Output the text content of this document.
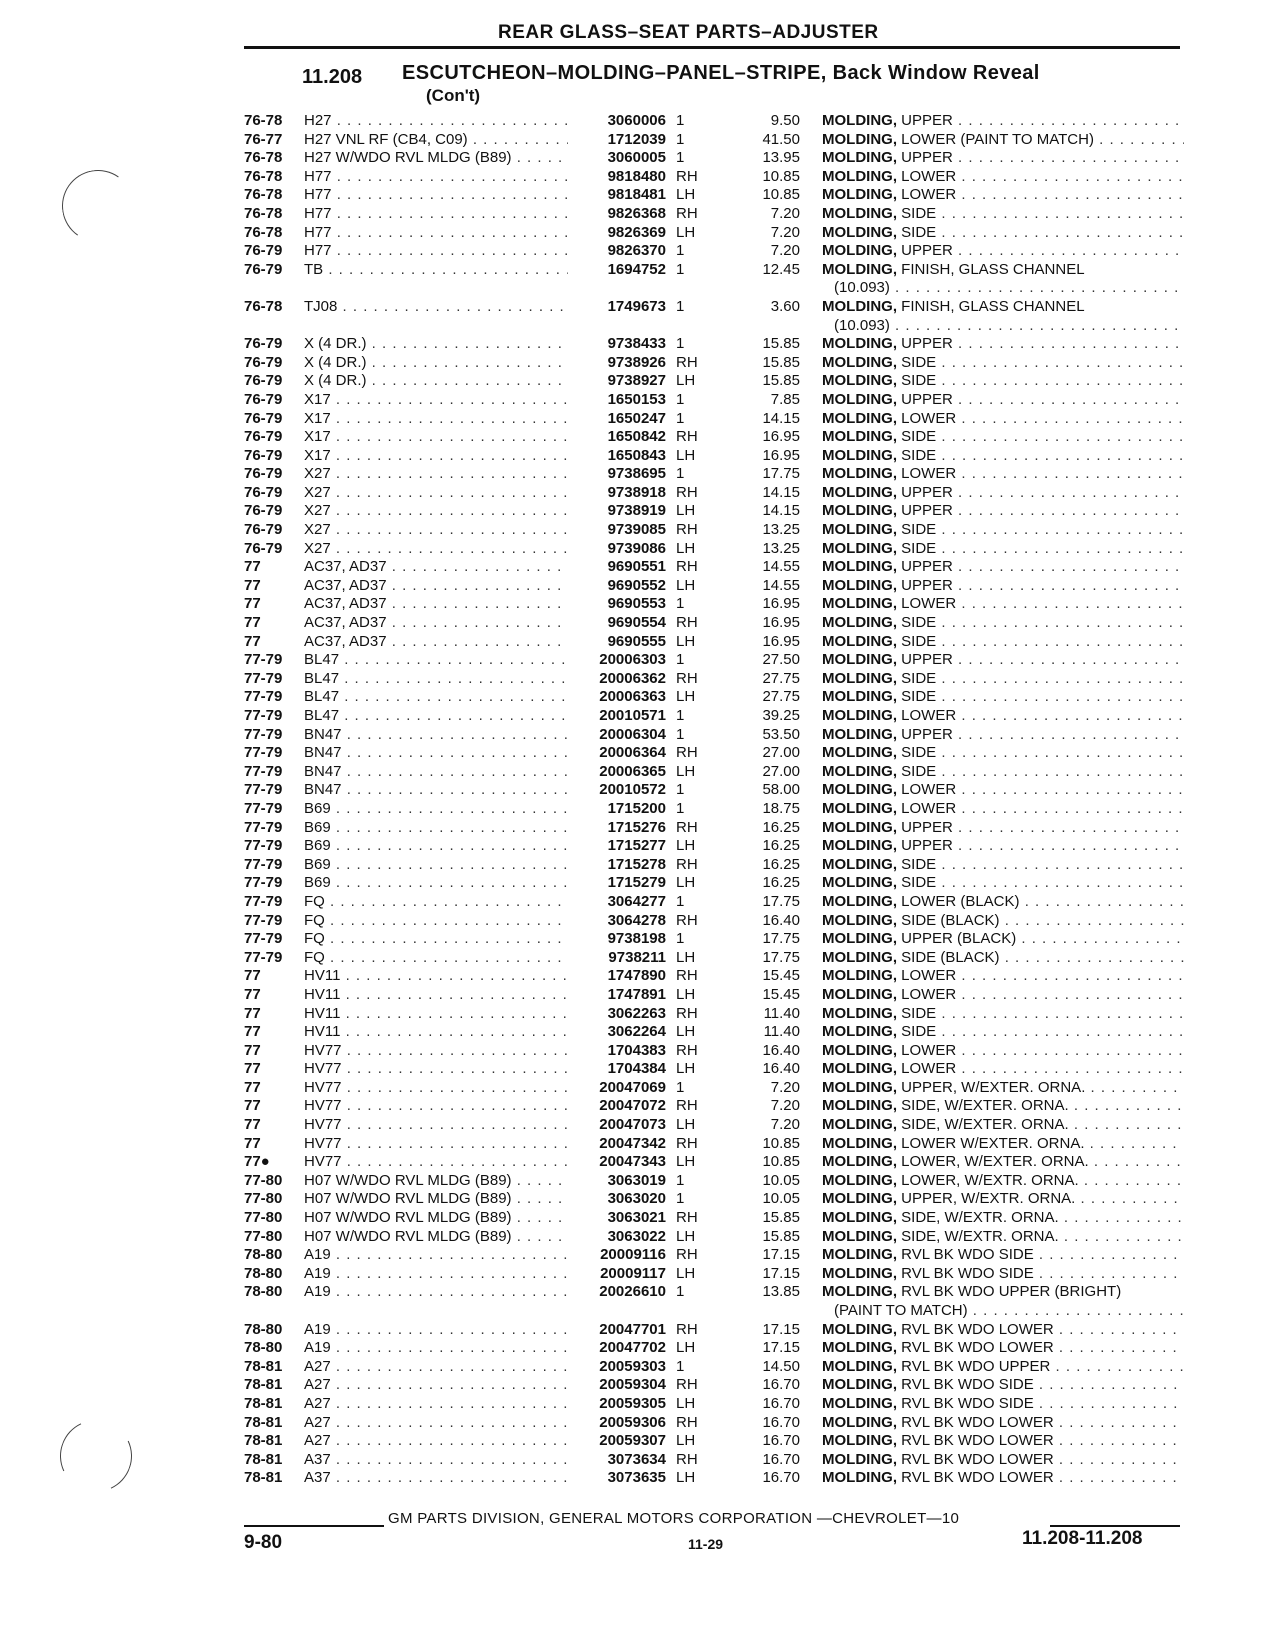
REAR GLASS–SEAT PARTS–ADJUSTER
11.208 ESCUTCHEON–MOLDING–PANEL–STRIPE, Back Window Reveal
(Con't)
76-78	H27 . . .	3060006 1	9.50 MOLDING, UPPER . . .
76-77	H27 VNL RF (CB4, C09) . . .	1712039 1	41.50 MOLDING, LOWER (PAINT TO MATCH) . . .
76-78	H27 W/WDO RVL MLDG (B89) . . .	3060005 1	13.95 MOLDING, UPPER . . .
76-78	H77 . . .	9818480 RH	10.85 MOLDING, LOWER . . .
76-78	H77 . . .	9818481 LH	10.85 MOLDING, LOWER . . .
76-78	H77 . . .	9826368 RH	7.20 MOLDING, SIDE . . .
76-78	H77 . . .	9826369 LH	7.20 MOLDING, SIDE . . .
76-79	H77 . . .	9826370 1	7.20 MOLDING, UPPER . . .
76-79	TB . . .	1694752 1	12.45 MOLDING, FINISH, GLASS CHANNEL
(10.093) . . .
76-78	TJ08 . . .	1749673 1	3.60 MOLDING, FINISH, GLASS CHANNEL
(10.093) . . .
76-79	X (4 DR.) . . .	9738433 1	15.85 MOLDING, UPPER . . .
76-79	X (4 DR.) . . .	9738926 RH	15.85 MOLDING, SIDE . . .
76-79	X (4 DR.) . . .	9738927 LH	15.85 MOLDING, SIDE . . .
76-79	X17 . . .	1650153 1	7.85 MOLDING, UPPER . . .
76-79	X17 . . .	1650247 1	14.15 MOLDING, LOWER . . .
76-79	X17 . . .	1650842 RH	16.95 MOLDING, SIDE . . .
76-79	X17 . . .	1650843 LH	16.95 MOLDING, SIDE . . .
76-79	X27 . . .	9738695 1	17.75 MOLDING, LOWER . . .
76-79	X27 . . .	9738918 RH	14.15 MOLDING, UPPER . . .
76-79	X27 . . .	9738919 LH	14.15 MOLDING, UPPER . . .
76-79	X27 . . .	9739085 RH	13.25 MOLDING, SIDE . . .
76-79	X27 . . .	9739086 LH	13.25 MOLDING, SIDE . . .
77	AC37, AD37 . . .	9690551 RH	14.55 MOLDING, UPPER . . .
77	AC37, AD37 . . .	9690552 LH	14.55 MOLDING, UPPER . . .
77	AC37, AD37 . . .	9690553 1	16.95 MOLDING, LOWER . . .
77	AC37, AD37 . . .	9690554 RH	16.95 MOLDING, SIDE . . .
77	AC37, AD37 . . .	9690555 LH	16.95 MOLDING, SIDE . . .
77-79	BL47 . . .	20006303 1	27.50 MOLDING, UPPER . . .
77-79	BL47 . . .	20006362 RH	27.75 MOLDING, SIDE . . .
77-79	BL47 . . .	20006363 LH	27.75 MOLDING, SIDE . . .
77-79	BL47 . . .	20010571 1	39.25 MOLDING, LOWER . . .
77-79	BN47 . . .	20006304 1	53.50 MOLDING, UPPER . . .
77-79	BN47 . . .	20006364 RH	27.00 MOLDING, SIDE . . .
77-79	BN47 . . .	20006365 LH	27.00 MOLDING, SIDE . . .
77-79	BN47 . . .	20010572 1	58.00 MOLDING, LOWER . . .
77-79	B69 . . .	1715200 1	18.75 MOLDING, LOWER . . .
77-79	B69 . . .	1715276 RH	16.25 MOLDING, UPPER . . .
77-79	B69 . . .	1715277 LH	16.25 MOLDING, UPPER . . .
77-79	B69 . . .	1715278 RH	16.25 MOLDING, SIDE . . .
77-79	B69 . . .	1715279 LH	16.25 MOLDING, SIDE . . .
77-79	FQ . . .	3064277 1	17.75 MOLDING, LOWER (BLACK) . . .
77-79	FQ . . .	3064278 RH	16.40 MOLDING, SIDE (BLACK) . . .
77-79	FQ . . .	9738198 1	17.75 MOLDING, UPPER (BLACK) . . .
77-79	FQ . . .	9738211 LH	17.75 MOLDING, SIDE (BLACK) . . .
77	HV11 . . .	1747890 RH	15.45 MOLDING, LOWER . . .
77	HV11 . . .	1747891 LH	15.45 MOLDING, LOWER . . .
77	HV11 . . .	3062263 RH	11.40 MOLDING, SIDE . . .
77	HV11 . . .	3062264 LH	11.40 MOLDING, SIDE . . .
77	HV77 . . .	1704383 RH	16.40 MOLDING, LOWER . . .
77	HV77 . . .	1704384 LH	16.40 MOLDING, LOWER . . .
77	HV77 . . .	20047069 1	7.20 MOLDING, UPPER, W/EXTER. ORNA. . . .
77	HV77 . . .	20047072 RH	7.20 MOLDING, SIDE, W/EXTER. ORNA. . . .
77	HV77 . . .	20047073 LH	7.20 MOLDING, SIDE, W/EXTER. ORNA. . . .
77	HV77 . . .	20047342 RH	10.85 MOLDING, LOWER W/EXTER. ORNA. . . .
77●	HV77 . . .	20047343 LH	10.85 MOLDING, LOWER, W/EXTER. ORNA. . . .
77-80	H07 W/WDO RVL MLDG (B89) . . .	3063019 1	10.05 MOLDING, LOWER, W/EXTR. ORNA. . . .
77-80	H07 W/WDO RVL MLDG (B89) . . .	3063020 1	10.05 MOLDING, UPPER, W/EXTR. ORNA. . . .
77-80	H07 W/WDO RVL MLDG (B89) . . .	3063021 RH	15.85 MOLDING, SIDE, W/EXTR. ORNA. . . .
77-80	H07 W/WDO RVL MLDG (B89) . . .	3063022 LH	15.85 MOLDING, SIDE, W/EXTR. ORNA. . . .
78-80	A19 . . .	20009116 RH	17.15 MOLDING, RVL BK WDO SIDE . . .
78-80	A19 . . .	20009117 LH	17.15 MOLDING, RVL BK WDO SIDE . . .
78-80	A19 . . .	20026610 1	13.85 MOLDING, RVL BK WDO UPPER (BRIGHT)
(PAINT TO MATCH) . . .
78-80	A19 . . .	20047701 RH	17.15 MOLDING, RVL BK WDO LOWER . . .
78-80	A19 . . .	20047702 LH	17.15 MOLDING, RVL BK WDO LOWER . . .
78-81	A27 . . .	20059303 1	14.50 MOLDING, RVL BK WDO UPPER . . .
78-81	A27 . . .	20059304 RH	16.70 MOLDING, RVL BK WDO SIDE . . .
78-81	A27 . . .	20059305 LH	16.70 MOLDING, RVL BK WDO SIDE . . .
78-81	A27 . . .	20059306 RH	16.70 MOLDING, RVL BK WDO LOWER . . .
78-81	A27 . . .	20059307 LH	16.70 MOLDING, RVL BK WDO LOWER . . .
78-81	A37 . . .	3073634 RH	16.70 MOLDING, RVL BK WDO LOWER . . .
78-81	A37 . . .	3073635 LH	16.70 MOLDING, RVL BK WDO LOWER . . .
GM PARTS DIVISION, GENERAL MOTORS CORPORATION —CHEVROLET—10
9-80	11-29	11.208-11.208
